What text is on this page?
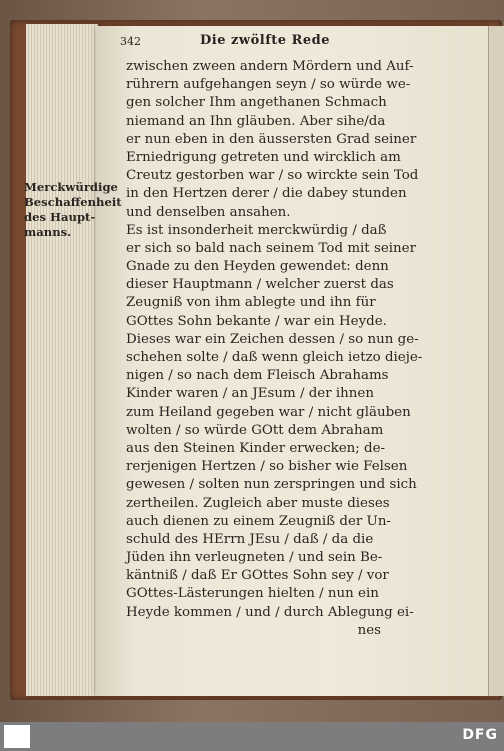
342	Die zwölfte Rede
Merckwürdige
Beschaffenheit
des Haupt-
manns.
zwischen zween andern Mördern und Auf-
rührern aufgehangen seyn / so würde we-
gen solcher Ihm angethanen Schmach
niemand an Ihn gläuben. Aber sihe/da
er nun eben in den äussersten Grad seiner
Erniedrigung getreten und wircklich am
Creutz gestorben war / so wirckte sein Tod
in den Hertzen derer / die dabey stunden
und denselben ansahen.
Es ist insonderheit merckwürdig / daß
er sich so bald nach seinem Tod mit seiner
Gnade zu den Heyden gewendet: denn
dieser Hauptmann / welcher zuerst das
Zeugniß von ihm ablegte und ihn für
GOttes Sohn bekante / war ein Heyde.
Dieses war ein Zeichen dessen / so nun ge-
schehen solte / daß wenn gleich ietzo dieje-
nigen / so nach dem Fleisch Abrahams
Kinder waren / an JEsum / der ihnen
zum Heiland gegeben war / nicht gläuben
wolten / so würde GOtt dem Abraham
aus den Steinen Kinder erwecken; de-
rerjenigen Hertzen / so bisher wie Felsen
gewesen / solten nun zerspringen und sich
zertheilen. Zugleich aber muste dieses
auch dienen zu einem Zeugniß der Un-
schuld des HErrn JEsu / daß / da die
Jüden ihn verleugneten / und sein Be-
käntniß / daß Er GOttes Sohn sey / vor
GOttes-Lästerungen hielten / nun ein
Heyde kommen / und / durch Ablegung ei-
nes
FRANCKESCHE STIFTUNGEN	DFG
